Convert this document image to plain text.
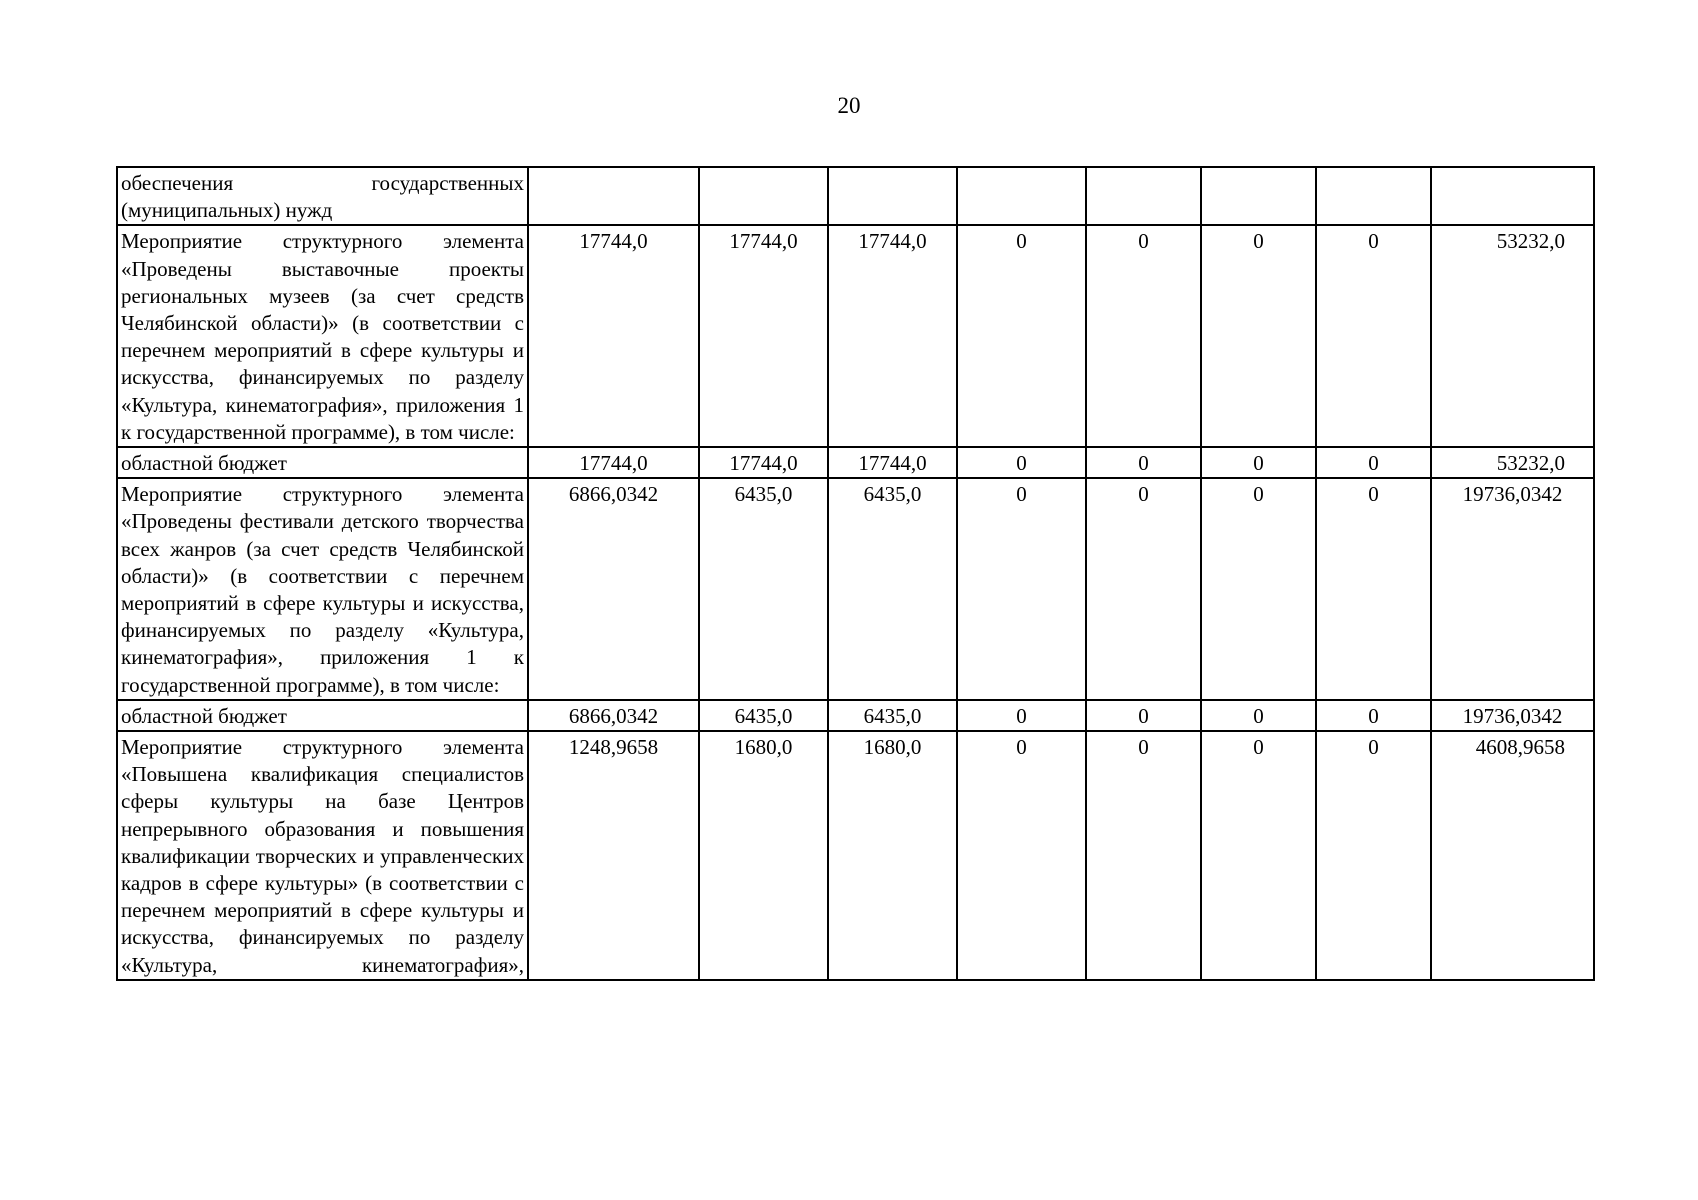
20
обеспечения государственных (муниципальных) нужд								
Мероприятие структурного элемента «Проведены выставочные проекты региональных музеев (за счет средств Челябинской области)» (в соответствии с перечнем мероприятий в сфере культуры и искусства, финансируемых по разделу «Культура, кинематография», приложения 1 к государственной программе), в том числе:	17744,0	17744,0	17744,0	0	0	0	0	53232,0
областной бюджет	17744,0	17744,0	17744,0	0	0	0	0	53232,0
Мероприятие структурного элемента «Проведены фестивали детского творчества всех жанров (за счет средств Челябинской области)» (в соответствии с перечнем мероприятий в сфере культуры и искусства, финансируемых по разделу «Культура, кинематография», приложения 1 к государственной программе), в том числе:	6866,0342	6435,0	6435,0	0	0	0	0	19736,0342
областной бюджет	6866,0342	6435,0	6435,0	0	0	0	0	19736,0342
Мероприятие структурного элемента «Повышена квалификация специалистов сферы культуры на базе Центров непрерывного образования и повышения квалификации творческих и управленческих кадров в сфере культуры» (в соответствии с перечнем мероприятий в сфере культуры и искусства, финансируемых по разделу «Культура, кинематография»,	1248,9658	1680,0	1680,0	0	0	0	0	4608,9658
